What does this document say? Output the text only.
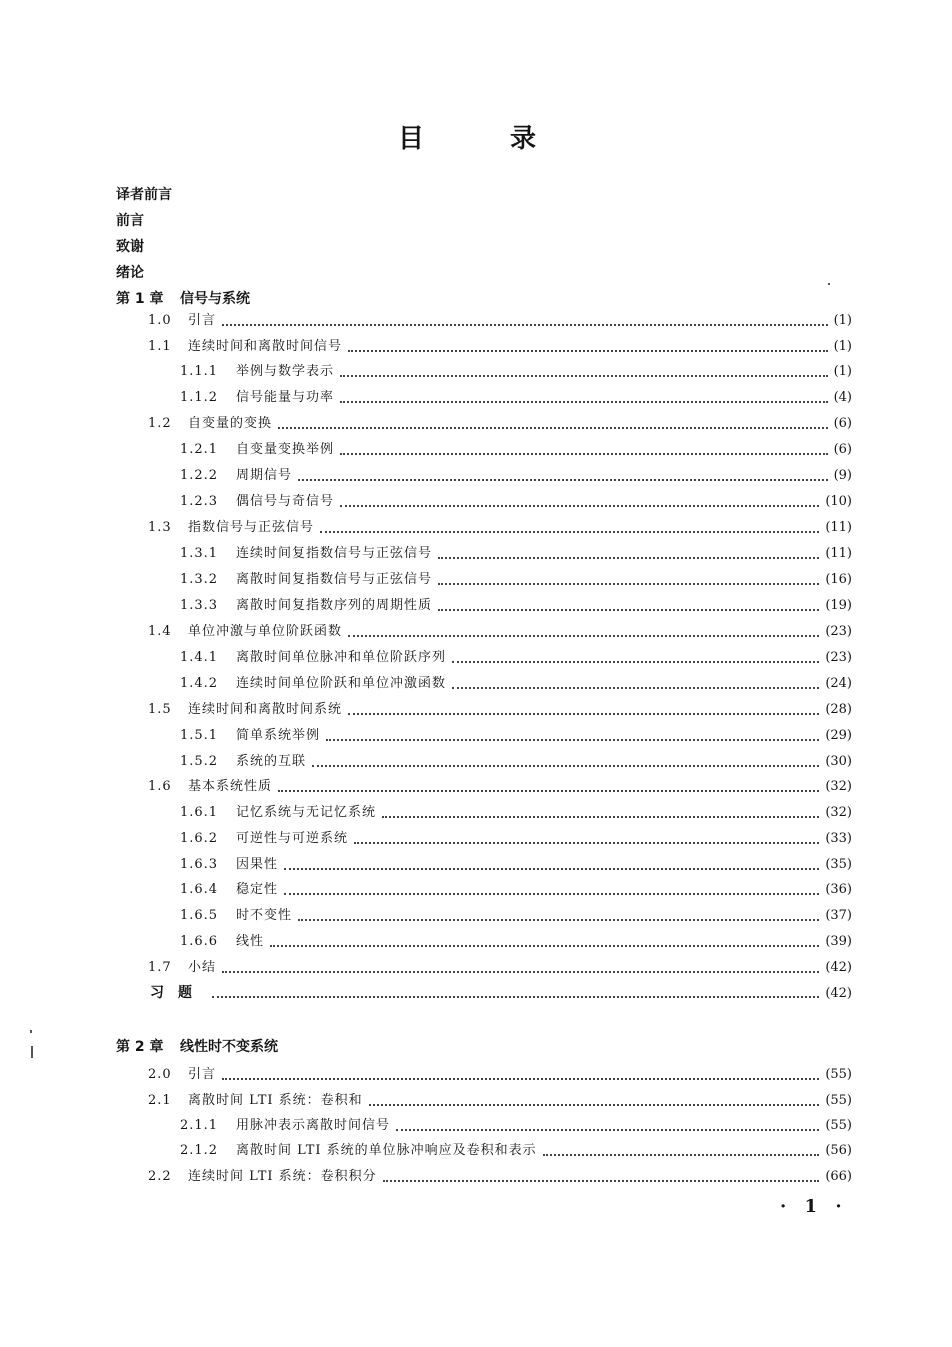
目　录
译者前言
前言
致谢
绪论
第 1 章 信号与系统
1.0	引言	(1)
1.1	连续时间和离散时间信号	(1)
1.1.1	举例与数学表示	(1)
1.1.2	信号能量与功率	(4)
1.2	自变量的变换	(6)
1.2.1	自变量变换举例	(6)
1.2.2	周期信号	(9)
1.2.3	偶信号与奇信号	(10)
1.3	指数信号与正弦信号	(11)
1.3.1	连续时间复指数信号与正弦信号	(11)
1.3.2	离散时间复指数信号与正弦信号	(16)
1.3.3	离散时间复指数序列的周期性质	(19)
1.4	单位冲激与单位阶跃函数	(23)
1.4.1	离散时间单位脉冲和单位阶跃序列	(23)
1.4.2	连续时间单位阶跃和单位冲激函数	(24)
1.5	连续时间和离散时间系统	(28)
1.5.1	简单系统举例	(29)
1.5.2	系统的互联	(30)
1.6	基本系统性质	(32)
1.6.1	记忆系统与无记忆系统	(32)
1.6.2	可逆性与可逆系统	(33)
1.6.3	因果性	(35)
1.6.4	稳定性	(36)
1.6.5	时不变性	(37)
1.6.6	线性	(39)
1.7	小结	(42)
习题	(42)
第 2 章 线性时不变系统
2.0	引言	(55)
2.1	离散时间 LTI 系统：卷积和	(55)
2.1.1	用脉冲表示离散时间信号	(55)
2.1.2	离散时间 LTI 系统的单位脉冲响应及卷积和表示	(56)
2.2	连续时间 LTI 系统：卷积积分	(66)
· 1 ·
